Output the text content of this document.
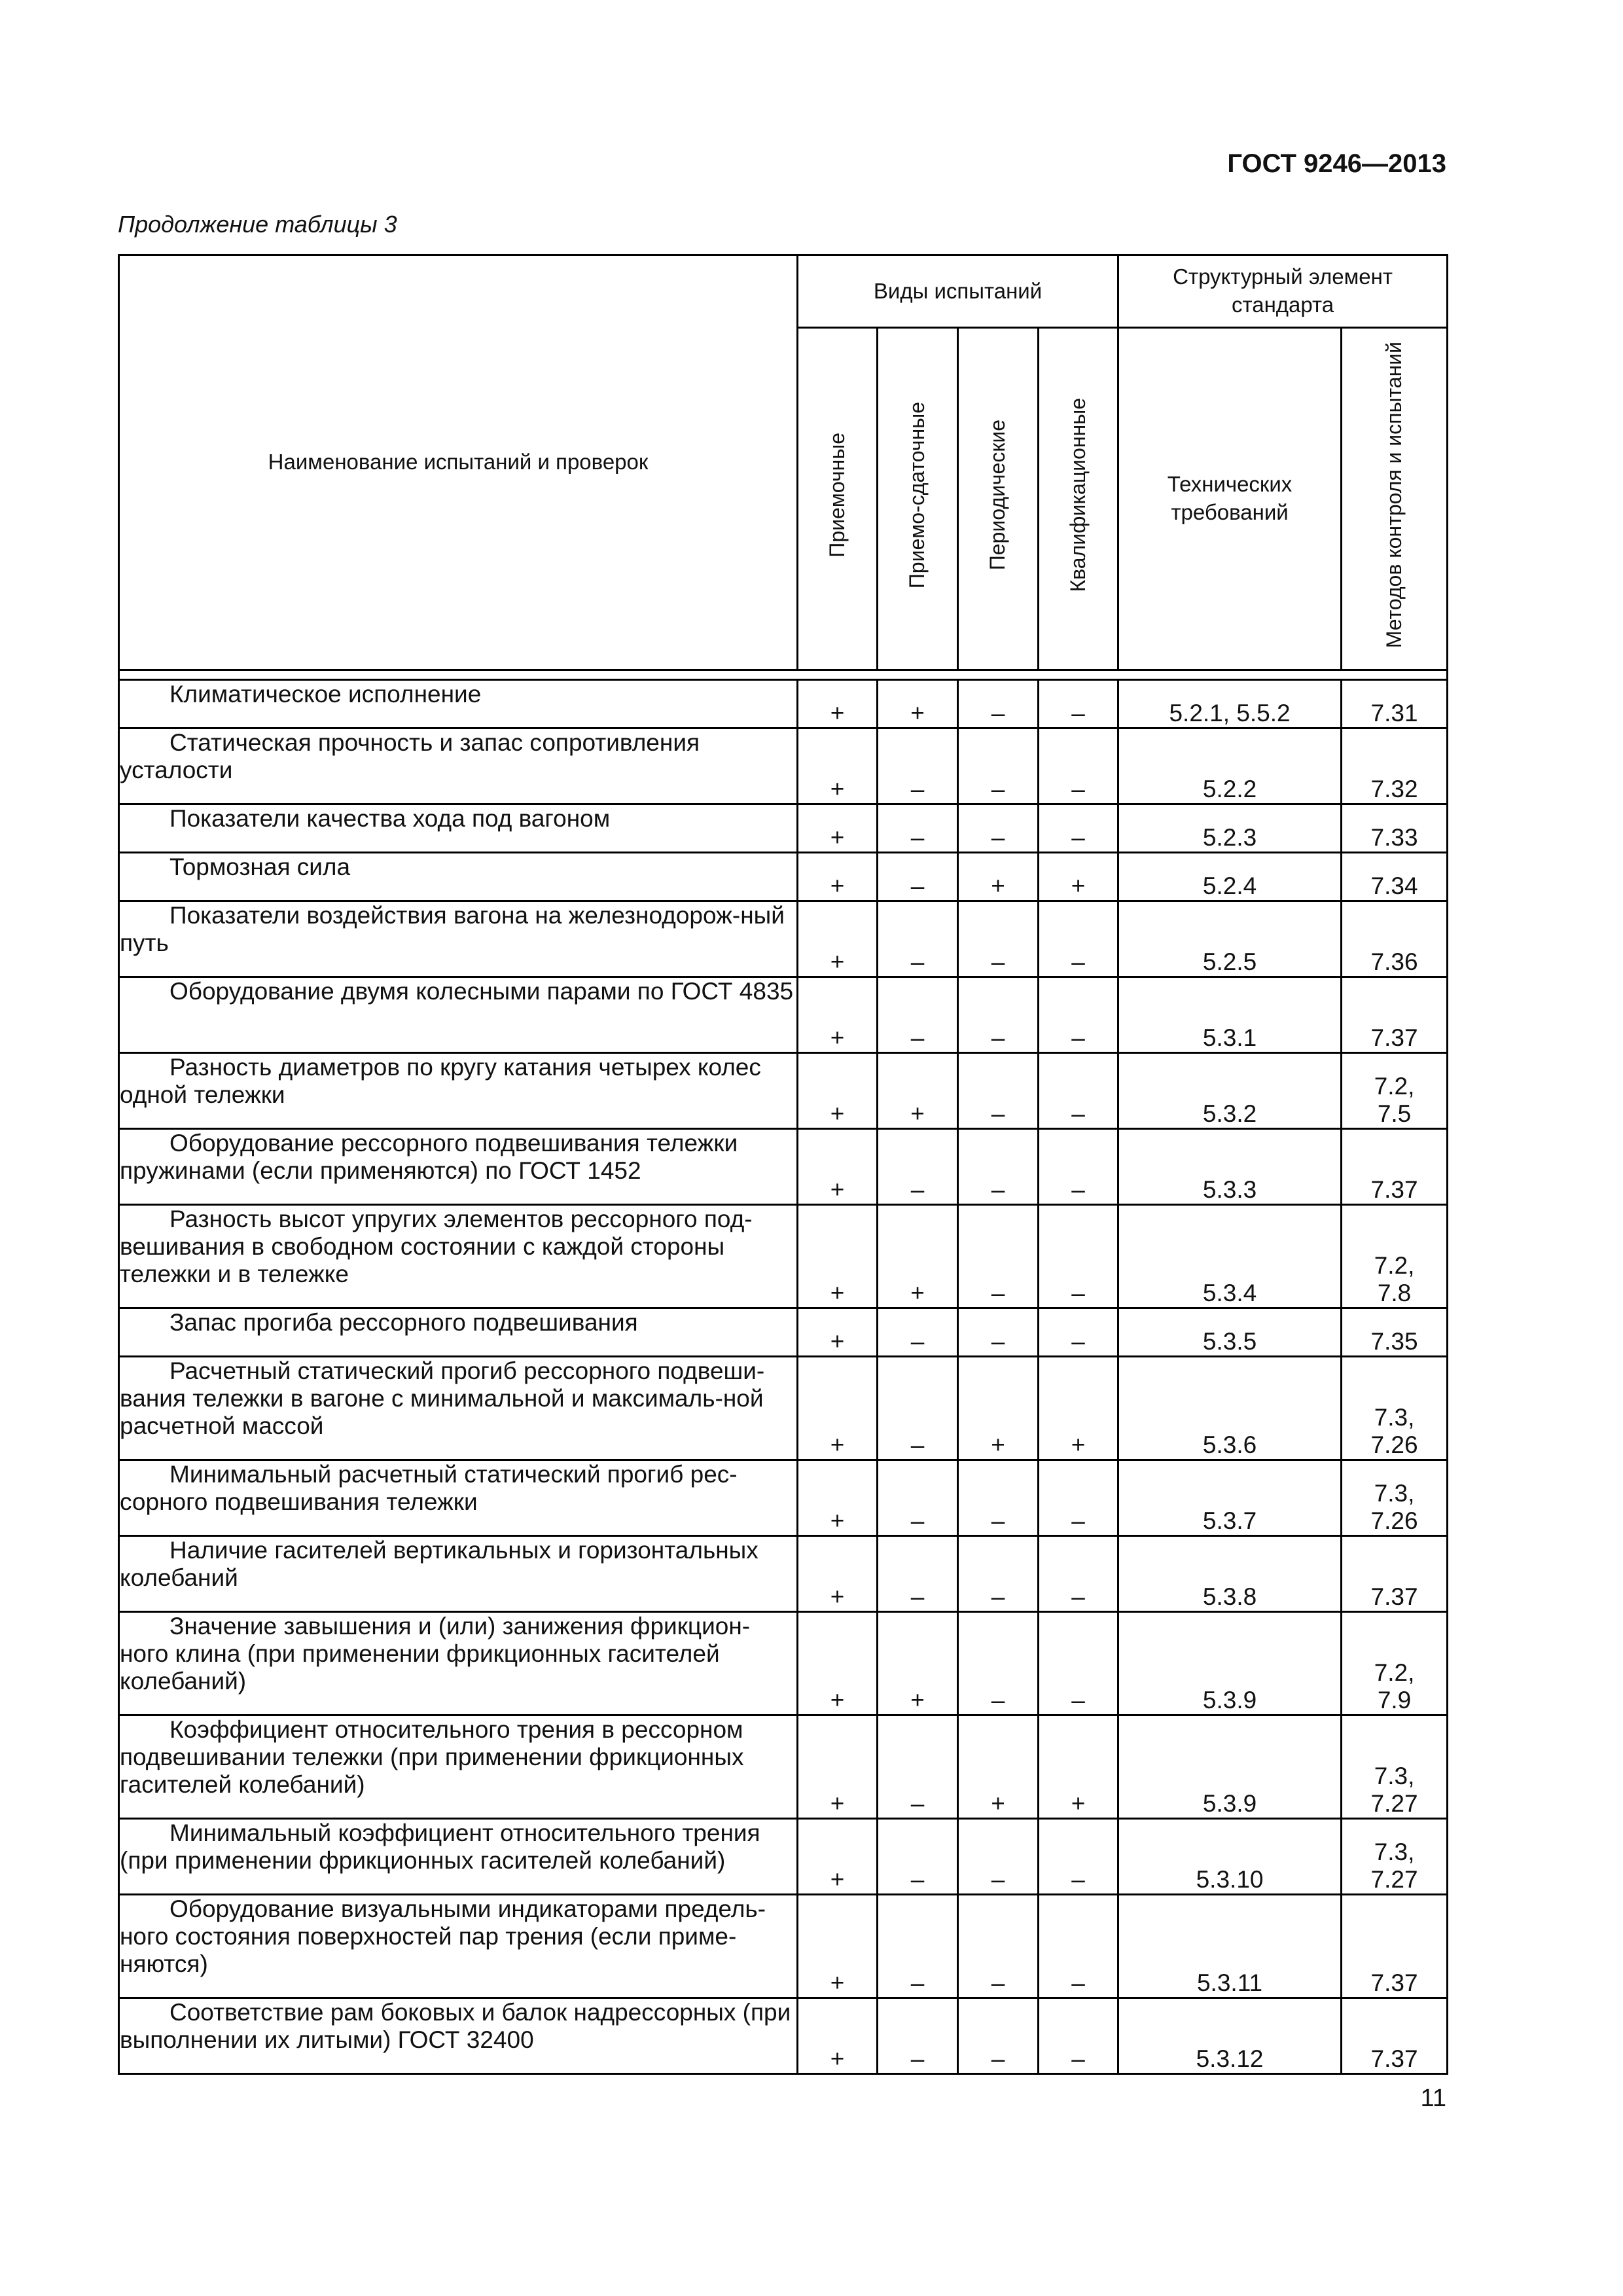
ГОСТ 9246—2013
Продолжение таблицы 3
Наименование испытаний и проверок	Виды испытаний				Структурный элемент стандарта	
	Приемочные	Приемо-сдаточные	Периодические	Квалификационные	Технических требований	Методов контроля и испытаний

Климатическое исполнение	+	+	–	–	5.2.1, 5.5.2	7.31
Статическая прочность и запас сопротивления усталости	+	–	–	–	5.2.2	7.32
Показатели качества хода под вагоном	+	–	–	–	5.2.3	7.33
Тормозная сила	+	–	+	+	5.2.4	7.34
Показатели воздействия вагона на железнодорож-ный путь	+	–	–	–	5.2.5	7.36
Оборудование двумя колесными парами по ГОСТ 4835	+	–	–	–	5.3.1	7.37
Разность диаметров по кругу катания четырех колес одной тележки	+	+	–	–	5.3.2	7.2,
7.5

Оборудование рессорного подвешивания тележки пружинами (если применяются) по ГОСТ 1452	+	–	–	–	5.3.3	7.37
Разность высот упругих элементов рессорного под-вешивания в свободном состоянии с каждой стороны тележки и в тележке	+	+	–	–	5.3.4	7.2,
7.8

Запас прогиба рессорного подвешивания	+	–	–	–	5.3.5	7.35
Расчетный статический прогиб рессорного подвеши-вания тележки в вагоне с минимальной и максималь-ной расчетной массой	+	–	+	+	5.3.6	7.3,
7.26

Минимальный расчетный статический прогиб рес-сорного подвешивания тележки	+	–	–	–	5.3.7	7.3,
7.26

Наличие гасителей вертикальных и горизонтальных колебаний	+	–	–	–	5.3.8	7.37
Значение завышения и (или) занижения фрикцион-ного клина (при применении фрикционных гасителей колебаний)	+	+	–	–	5.3.9	7.2,
7.9

Коэффициент относительного трения в рессорном подвешивании тележки (при применении фрикционных гасителей колебаний)	+	–	+	+	5.3.9	7.3,
7.27

Минимальный коэффициент относительного трения (при применении фрикционных гасителей колебаний)	+	–	–	–	5.3.10	7.3,
7.27

Оборудование визуальными индикаторами предель-ного состояния поверхностей пар трения (если приме-няются)	+	–	–	–	5.3.11	7.37
Соответствие рам боковых и балок надрессорных (при выполнении их литыми) ГОСТ 32400	+	–	–	–	5.3.12	7.37
11
